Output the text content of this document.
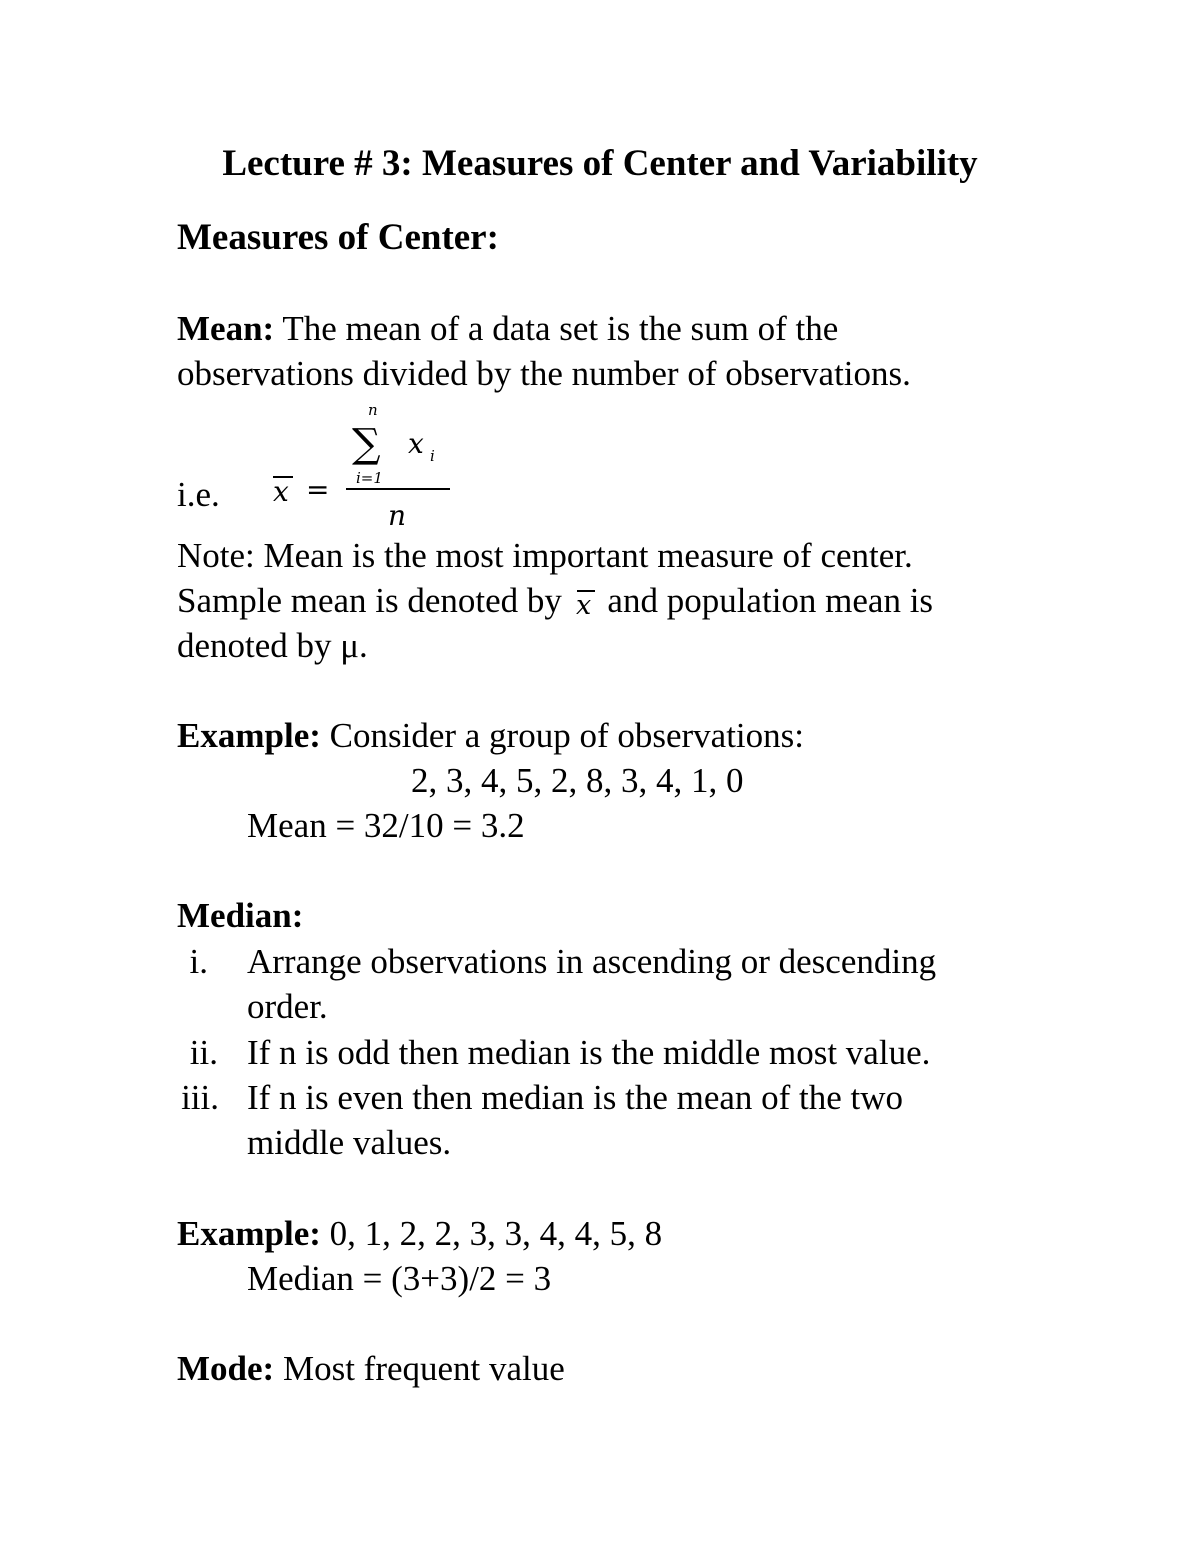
Lecture # 3: Measures of Center and Variability
Measures of Center:
Mean: The mean of a data set is the sum of the
observations divided by the number of observations.
i.e. x =
n
∑ x i
i=1
n
Note: Mean is the most important measure of center.
Sample mean is denoted by x and population mean is
denoted by μ.
Example: Consider a group of observations:
2, 3, 4, 5, 2, 8, 3, 4, 1, 0
Mean = 32/10 = 3.2
Median:
i. Arrange observations in ascending or descending
order.
ii. If n is odd then median is the middle most value.
iii. If n is even then median is the mean of the two
middle values.
Example: 0, 1, 2, 2, 3, 3, 4, 4, 5, 8
Median = (3+3)/2 = 3
Mode: Most frequent value
